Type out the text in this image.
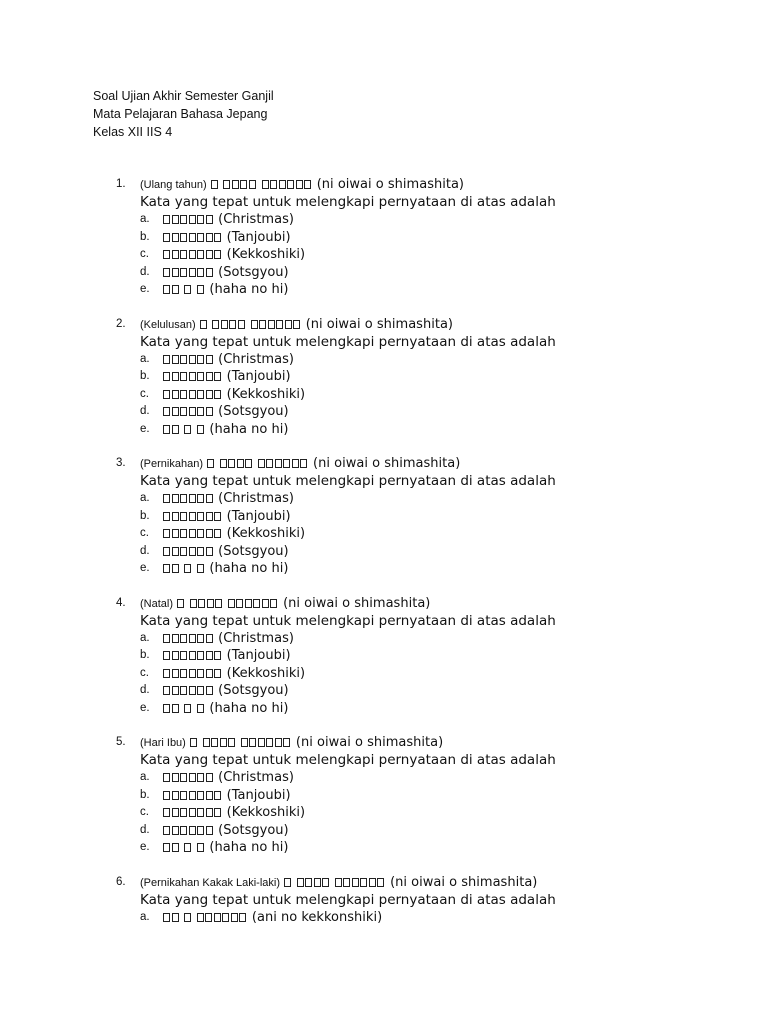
Soal Ujian Akhir Semester Ganjil
Mata Pelajaran Bahasa Jepang
Kelas XII IIS 4
1. (Ulang tahun)	(ni oiwai o shimashita)
Kata yang tepat untuk melengkapi pernyataan di atas adalah
a.	(Christmas)
b.	(Tanjoubi)
c.	(Kekkoshiki)
d.	(Sotsgyou)
e.	(haha no hi)
2. (Kelulusan)	(ni oiwai o shimashita)
Kata yang tepat untuk melengkapi pernyataan di atas adalah
a.	(Christmas)
b.	(Tanjoubi)
c.	(Kekkoshiki)
d.	(Sotsgyou)
e.	(haha no hi)
3. (Pernikahan)	(ni oiwai o shimashita)
Kata yang tepat untuk melengkapi pernyataan di atas adalah
a.	(Christmas)
b.	(Tanjoubi)
c.	(Kekkoshiki)
d.	(Sotsgyou)
e.	(haha no hi)
4. (Natal)	(ni oiwai o shimashita)
Kata yang tepat untuk melengkapi pernyataan di atas adalah
a.	(Christmas)
b.	(Tanjoubi)
c.	(Kekkoshiki)
d.	(Sotsgyou)
e.	(haha no hi)
5. (Hari Ibu)	(ni oiwai o shimashita)
Kata yang tepat untuk melengkapi pernyataan di atas adalah
a.	(Christmas)
b.	(Tanjoubi)
c.	(Kekkoshiki)
d.	(Sotsgyou)
e.	(haha no hi)
6. (Pernikahan Kakak Laki-laki)	(ni oiwai o shimashita)
Kata yang tepat untuk melengkapi pernyataan di atas adalah
a.	(ani no kekkonshiki)
